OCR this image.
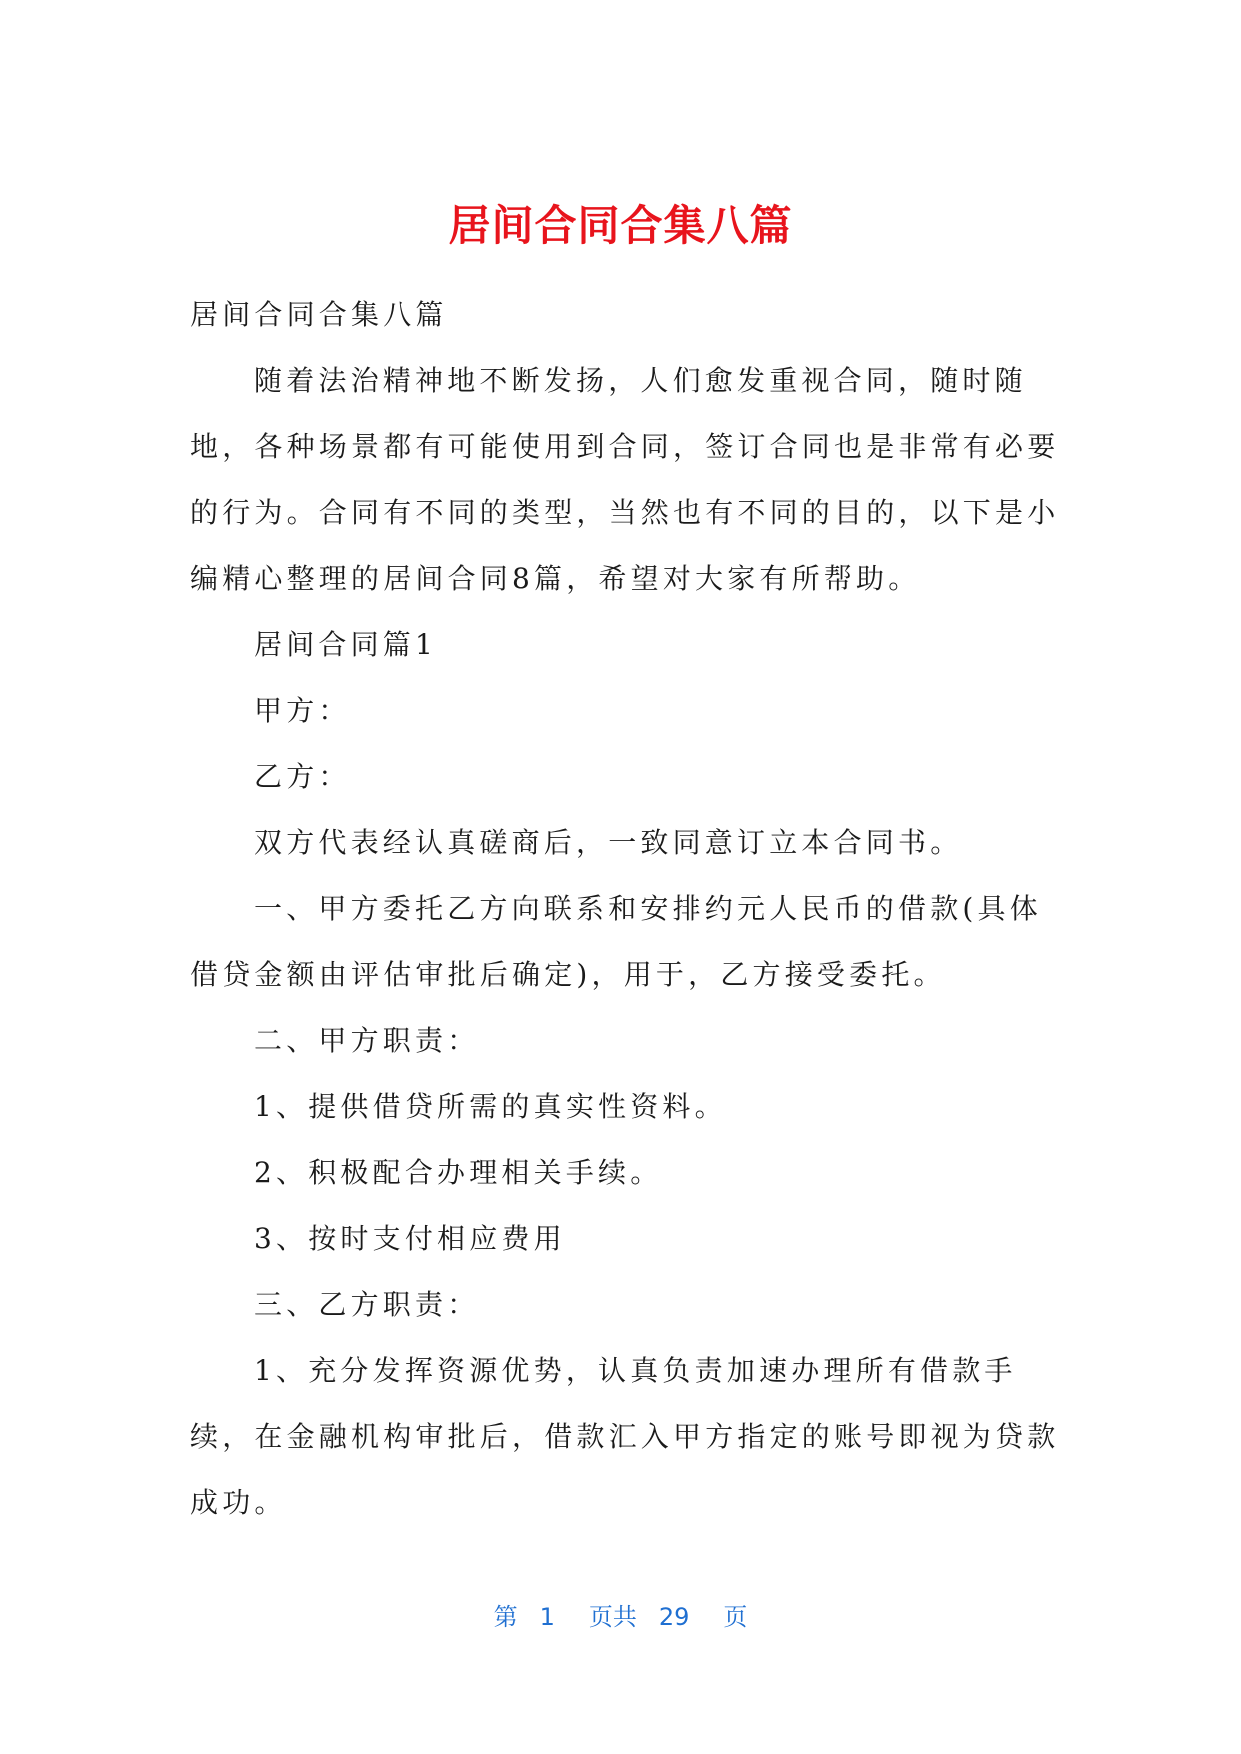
居间合同合集八篇

居间合同合集八篇

随着法治精神地不断发扬，人们愈发重视合同，随时随地，各种场景都有可能使用到合同，签订合同也是非常有必要的行为。合同有不同的类型，当然也有不同的目的，以下是小编精心整理的居间合同8篇，希望对大家有所帮助。

居间合同篇1

甲方：

乙方：

双方代表经认真磋商后，一致同意订立本合同书。

一、甲方委托乙方向联系和安排约元人民币的借款(具体借贷金额由评估审批后确定)，用于，乙方接受委托。

二、甲方职责：

1、提供借贷所需的真实性资料。

2、积极配合办理相关手续。

3、按时支付相应费用

三、乙方职责：

1、充分发挥资源优势，认真负责加速办理所有借款手续，在金融机构审批后，借款汇入甲方指定的账号即视为贷款成功。

第 1 页共 29 页
